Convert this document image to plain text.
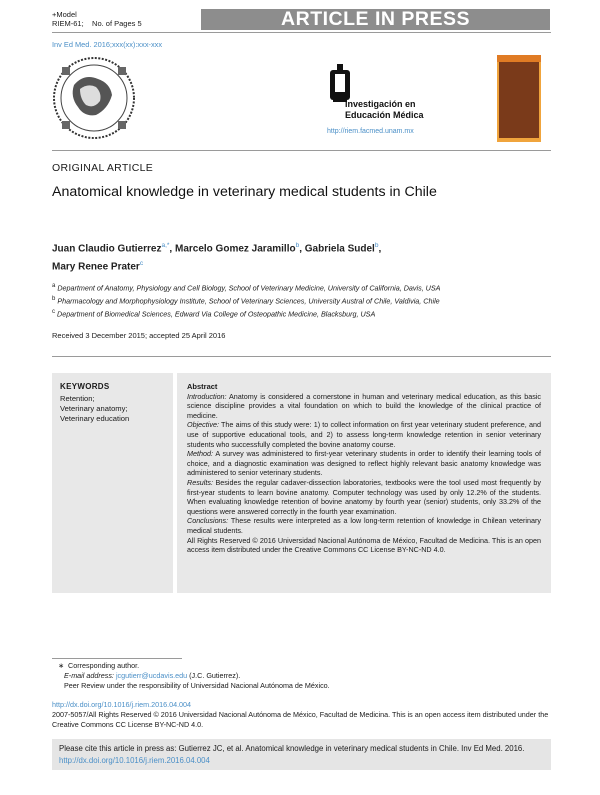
+Model
RIEM-61; No. of Pages 5	ARTICLE IN PRESS
Inv Ed Med. 2016;xxx(xx):xxx-xxx
Investigación en
Educación Médica
http://riem.facmed.unam.mx
ORIGINAL ARTICLE
Anatomical knowledge in veterinary medical students in Chile
Juan Claudio Gutierrez$^{a,*}$, Marcelo Gomez Jaramillo$^b$, Gabriela Sudel$^b$,
Mary Renee Prater$^c$
$^a$ Department of Anatomy, Physiology and Cell Biology, School of Veterinary Medicine, University of California, Davis, USA
$^b$ Pharmacology and Morphophysiology Institute, School of Veterinary Sciences, University Austral of Chile, Valdivia, Chile
$^c$ Department of Biomedical Sciences, Edward Via College of Osteopathic Medicine, Blacksburg, USA
Received 3 December 2015; accepted 25 April 2016
KEYWORDS
Retention;
Veterinary anatomy;
Veterinary education

Abstract

Introduction: Anatomy is considered a cornerstone in human and veterinary medical education, as this basic science discipline provides a vital foundation on which to build the knowledge of the clinical practice of medicine.

Objective: The aims of this study were: 1) to collect information on first year veterinary student preference, and use of supportive educational tools, and 2) to assess long-term knowledge retention in senior veterinary students who successfully completed the bovine anatomy course.

Method: A survey was administered to first-year veterinary students in order to identify their learning tools of choice, and a diagnostic examination was designed to reflect highly relevant basic anatomy knowledge was administered to senior veterinary students.

Results: Besides the regular cadaver-dissection laboratories, textbooks were the tool used most frequently by first-year students to learn bovine anatomy. Computer technology was used by only 12.2% of the students. When evaluating knowledge retention of bovine anatomy by fourth year (senior) students, only 33.2% of the questions were answered correctly in the fourth year examination.

Conclusions: These results were interpreted as a low long-term retention of knowledge in Chilean veterinary medical students.

All Rights Reserved © 2016 Universidad Nacional Autónoma de México, Facultad de Medicina. This is an open access item distributed under the Creative Commons CC License BY-NC-ND 4.0.

∗ Corresponding author.
E-mail address: jcgutierr@ucdavis.edu (J.C. Gutierrez).
Peer Review under the responsibility of Universidad Nacional Autónoma de México.
http://dx.doi.org/10.1016/j.riem.2016.04.004
2007-5057/All Rights Reserved © 2016 Universidad Nacional Autónoma de México, Facultad de Medicina. This is an open access item distributed under the Creative Commons CC License BY-NC-ND 4.0.
Please cite this article in press as: Gutierrez JC, et al. Anatomical knowledge in veterinary medical students in Chile. Inv Ed Med. 2016. http://dx.doi.org/10.1016/j.riem.2016.04.004
